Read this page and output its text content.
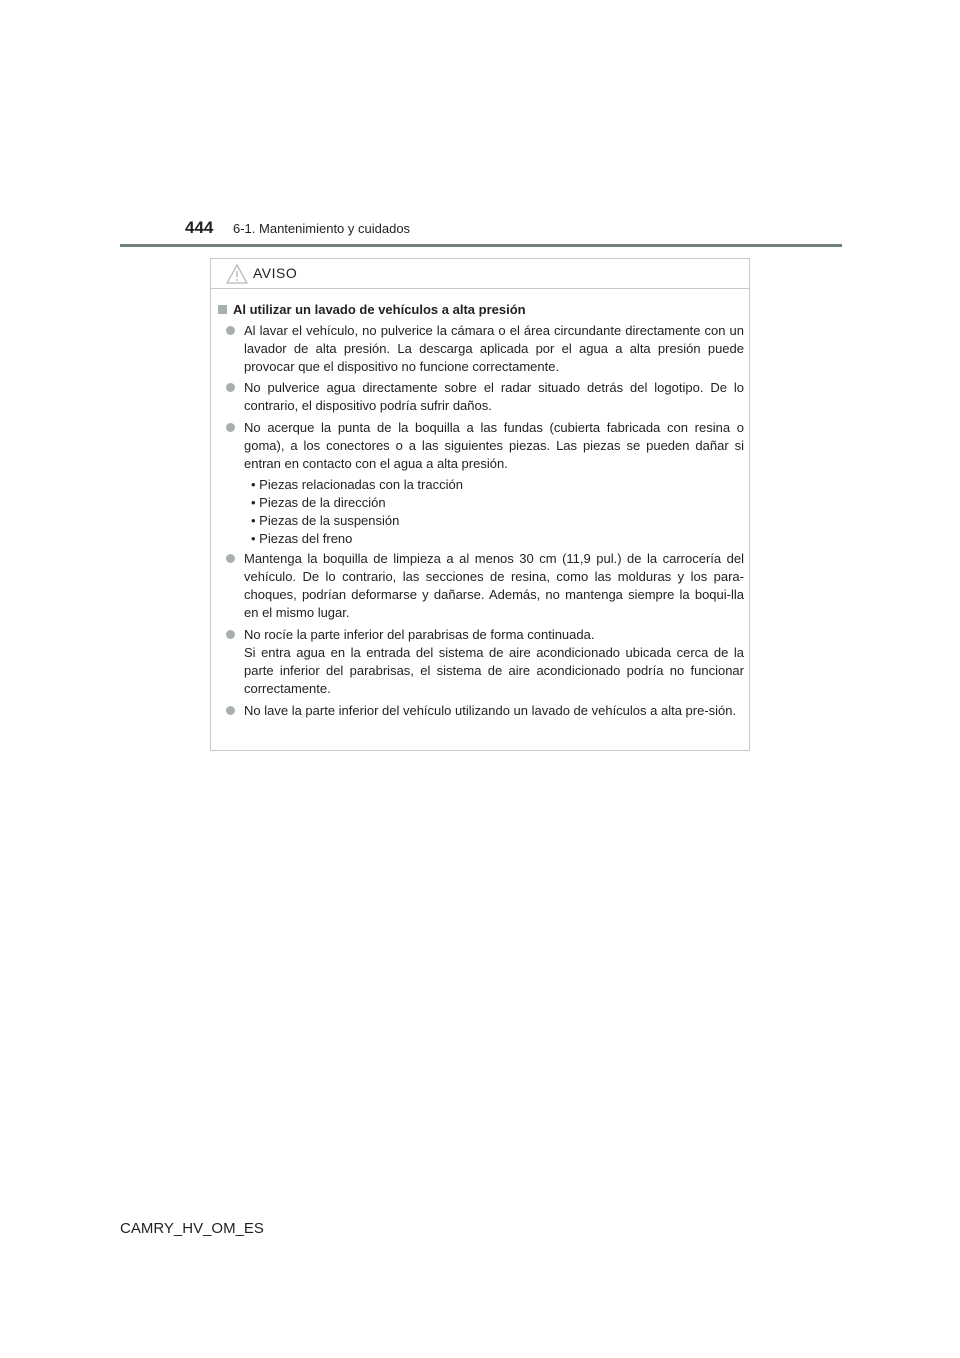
444 6-1. Mantenimiento y cuidados
AVISO
Al utilizar un lavado de vehículos a alta presión
Al lavar el vehículo, no pulverice la cámara o el área circundante directamente con un lavador de alta presión. La descarga aplicada por el agua a alta presión puede provocar que el dispositivo no funcione correctamente.
No pulverice agua directamente sobre el radar situado detrás del logotipo. De lo contrario, el dispositivo podría sufrir daños.
No acerque la punta de la boquilla a las fundas (cubierta fabricada con resina o goma), a los conectores o a las siguientes piezas. Las piezas se pueden dañar si entran en contacto con el agua a alta presión.
• Piezas relacionadas con la tracción
• Piezas de la dirección
• Piezas de la suspensión
• Piezas del freno
Mantenga la boquilla de limpieza a al menos 30 cm (11,9 pul.) de la carrocería del vehículo. De lo contrario, las secciones de resina, como las molduras y los para-choques, podrían deformarse y dañarse. Además, no mantenga siempre la boqui-lla en el mismo lugar.
No rocíe la parte inferior del parabrisas de forma continuada.
Si entra agua en la entrada del sistema de aire acondicionado ubicada cerca de la parte inferior del parabrisas, el sistema de aire acondicionado podría no funcionar correctamente.
No lave la parte inferior del vehículo utilizando un lavado de vehículos a alta pre-sión.
CAMRY_HV_OM_ES
